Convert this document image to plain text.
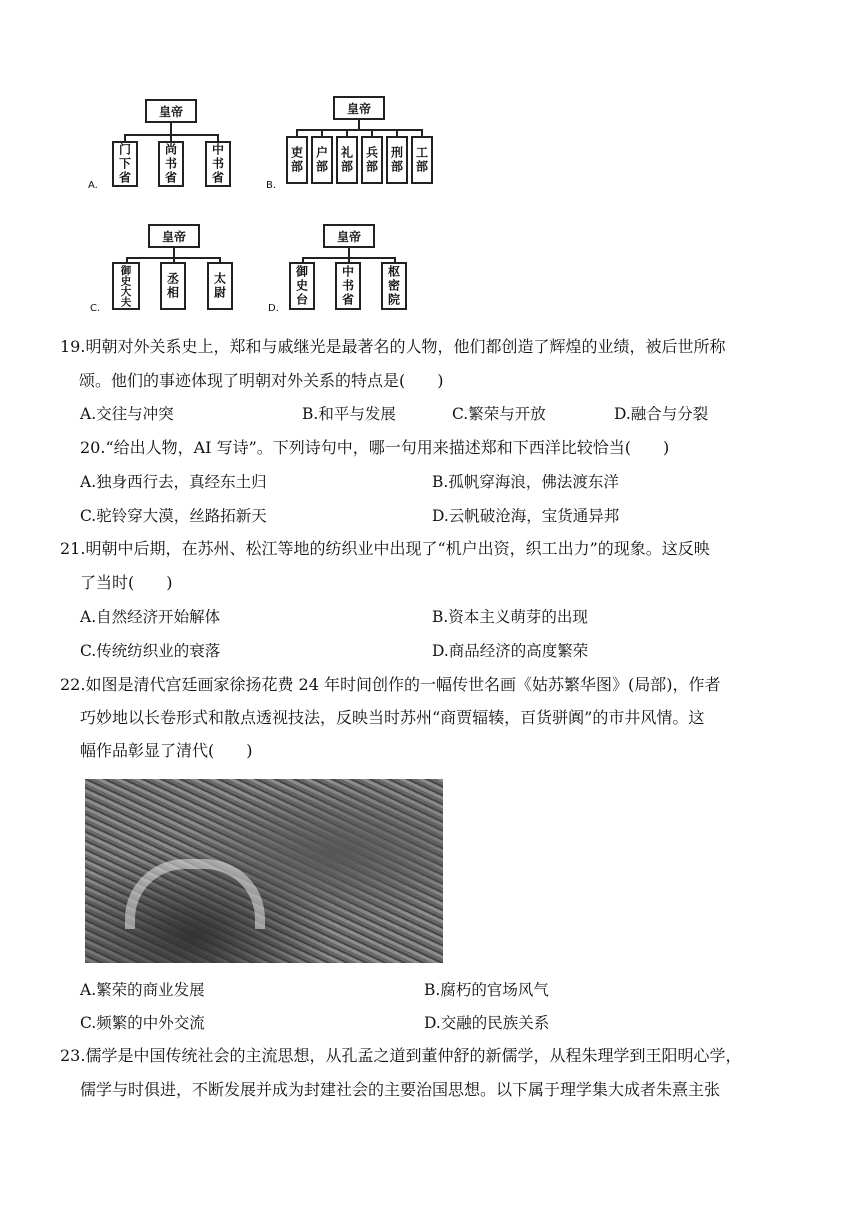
皇帝
门下省	尚书省	中书省
A.
皇帝
吏部 户部 礼部 兵部 刑部 工部
B.
皇帝
御史大夫	丞相	太尉
C.
皇帝
御史台	中书省	枢密院
D.
19.明朝对外关系史上，郑和与戚继光是最著名的人物，他们都创造了辉煌的业绩，被后世所称
颂。他们的事迹体现了明朝对外关系的特点是(　　)
A.交往与冲突	B.和平与发展	C.繁荣与开放	D.融合与分裂
20.“给出人物，AI 写诗”。下列诗句中，哪一句用来描述郑和下西洋比较恰当(　　)
A.独身西行去，真经东土归	B.孤帆穿海浪，佛法渡东洋
C.驼铃穿大漠，丝路拓新天	D.云帆破沧海，宝货通异邦
21.明朝中后期，在苏州、松江等地的纺织业中出现了“机户出资，织工出力”的现象。这反映
了当时(　　)
A.自然经济开始解体	B.资本主义萌芽的出现
C.传统纺织业的衰落	D.商品经济的高度繁荣
22.如图是清代宫廷画家徐扬花费 24 年时间创作的一幅传世名画《姑苏繁华图》(局部)，作者
巧妙地以长卷形式和散点透视技法，反映当时苏州“商贾辐辏，百货骈阗”的市井风情。这
幅作品彰显了清代(　　)
A.繁荣的商业发展	B.腐朽的官场风气
C.频繁的中外交流	D.交融的民族关系
23.儒学是中国传统社会的主流思想，从孔孟之道到董仲舒的新儒学，从程朱理学到王阳明心学，
儒学与时俱进，不断发展并成为封建社会的主要治国思想。以下属于理学集大成者朱熹主张
